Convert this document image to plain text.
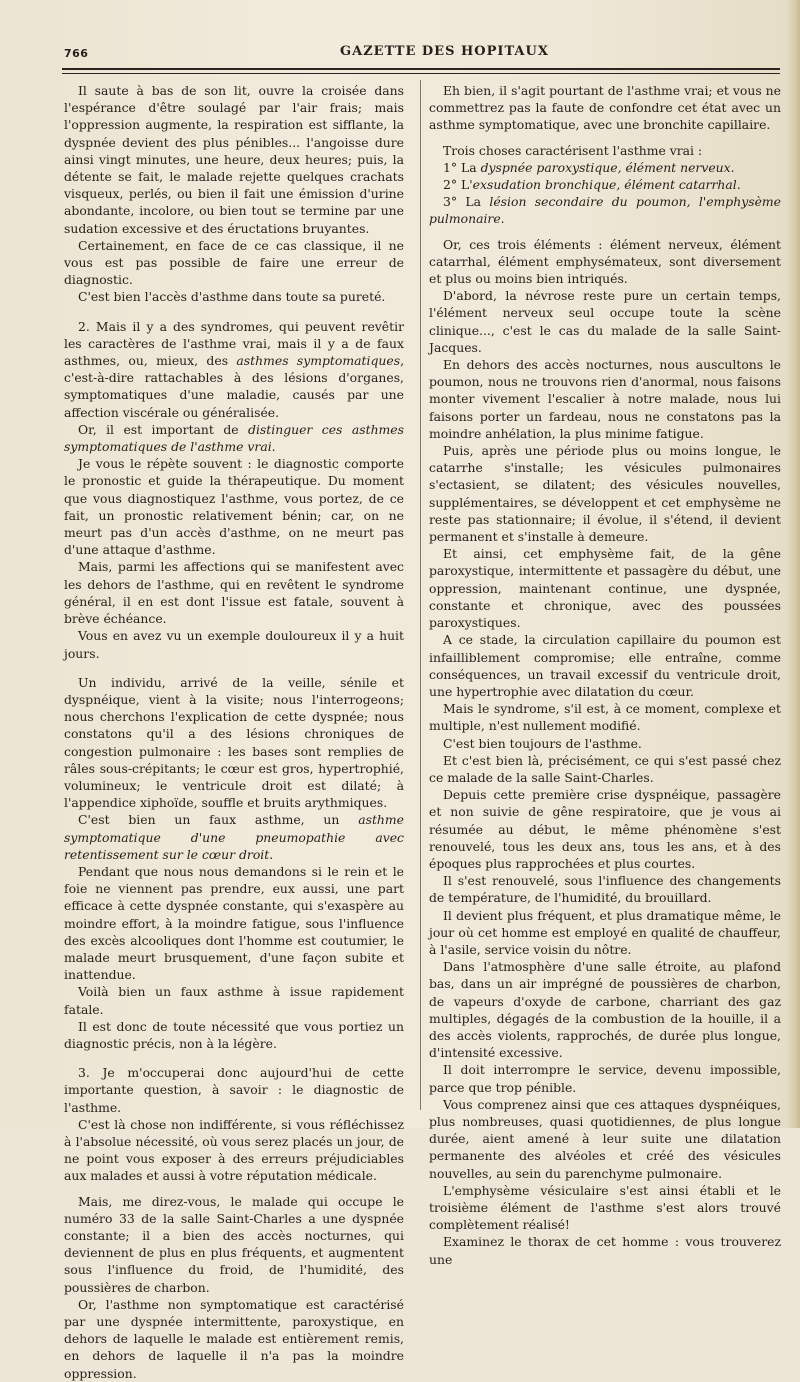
766	GAZETTE DES HOPITAUX

Il saute à bas de son lit, ouvre la croisée dans l'espérance d'être soulagé par l'air frais; mais l'oppression augmente, la respiration est sifflante, la dyspnée devient des plus pénibles... l'angoisse dure ainsi vingt minutes, une heure, deux heures; puis, la détente se fait, le malade rejette quelques crachats visqueux, perlés, ou bien il fait une émission d'urine abondante, incolore, ou bien tout se termine par une sudation excessive et des éructations bruyantes.

Certainement, en face de ce cas classique, il ne vous est pas possible de faire une erreur de diagnostic.

C'est bien l'accès d'asthme dans toute sa pureté.

2. Mais il y a des syndromes, qui peuvent revêtir les caractères de l'asthme vrai, mais il y a de faux asthmes, ou, mieux, des asthmes symptomatiques, c'est-à-dire rattachables à des lésions d'organes, symptomatiques d'une maladie, causés par une affection viscérale ou généralisée.

Or, il est important de distinguer ces asthmes symptomatiques de l'asthme vrai.

Je vous le répète souvent : le diagnostic comporte le pronostic et guide la thérapeutique. Du moment que vous diagnostiquez l'asthme, vous portez, de ce fait, un pronostic relativement bénin; car, on ne meurt pas d'un accès d'asthme, on ne meurt pas d'une attaque d'asthme.

Mais, parmi les affections qui se manifestent avec les dehors de l'asthme, qui en revêtent le syndrome général, il en est dont l'issue est fatale, souvent à brève échéance.

Vous en avez vu un exemple douloureux il y a huit jours.

Un individu, arrivé de la veille, sénile et dyspnéique, vient à la visite; nous l'interrogeons; nous cherchons l'explication de cette dyspnée; nous constatons qu'il a des lésions chroniques de congestion pulmonaire : les bases sont remplies de râles sous-crépitants; le cœur est gros, hypertrophié, volumineux; le ventricule droit est dilaté; à l'appendice xiphoïde, souffle et bruits arythmiques.

C'est bien un faux asthme, un asthme symptomatique d'une pneumopathie avec retentissement sur le cœur droit.

Pendant que nous nous demandons si le rein et le foie ne viennent pas prendre, eux aussi, une part efficace à cette dyspnée constante, qui s'exaspère au moindre effort, à la moindre fatigue, sous l'influence des excès alcooliques dont l'homme est coutumier, le malade meurt brusquement, d'une façon subite et inattendue.

Voilà bien un faux asthme à issue rapidement fatale.

Il est donc de toute nécessité que vous portiez un diagnostic précis, non à la légère.

3. Je m'occuperai donc aujourd'hui de cette importante question, à savoir : le diagnostic de l'asthme.

C'est là chose non indifférente, si vous réfléchissez à l'absolue nécessité, où vous serez placés un jour, de ne point vous exposer à des erreurs préjudiciables aux malades et aussi à votre réputation médicale.

Mais, me direz-vous, le malade qui occupe le numéro 33 de la salle Saint-Charles a une dyspnée constante; il a bien des accès nocturnes, qui deviennent de plus en plus fréquents, et augmentent sous l'influence du froid, de l'humidité, des poussières de charbon.

Or, l'asthme non symptomatique est caractérisé par une dyspnée intermittente, paroxystique, en dehors de laquelle le malade est entièrement remis, en dehors de laquelle il n'a pas la moindre oppression.

Eh bien, il s'agit pourtant de l'asthme vrai; et vous ne commettrez pas la faute de confondre cet état avec un asthme symptomatique, avec une bronchite capillaire.

Trois choses caractérisent l'asthme vrai :

1° La dyspnée paroxystique, élément nerveux.

2° L'exsudation bronchique, élément catarrhal.

3° La lésion secondaire du poumon, l'emphysème pulmonaire.

Or, ces trois éléments : élément nerveux, élément catarrhal, élément emphysémateux, sont diversement et plus ou moins bien intriqués.

D'abord, la névrose reste pure un certain temps, l'élément nerveux seul occupe toute la scène clinique..., c'est le cas du malade de la salle Saint-Jacques.

En dehors des accès nocturnes, nous auscultons le poumon, nous ne trouvons rien d'anormal, nous faisons monter vivement l'escalier à notre malade, nous lui faisons porter un fardeau, nous ne constatons pas la moindre anhélation, la plus minime fatigue.

Puis, après une période plus ou moins longue, le catarrhe s'installe; les vésicules pulmonaires s'ectasient, se dilatent; des vésicules nouvelles, supplémentaires, se développent et cet emphysème ne reste pas stationnaire; il évolue, il s'étend, il devient permanent et s'installe à demeure.

Et ainsi, cet emphysème fait, de la gêne paroxystique, intermittente et passagère du début, une oppression, maintenant continue, une dyspnée, constante et chronique, avec des poussées paroxystiques.

A ce stade, la circulation capillaire du poumon est infailliblement compromise; elle entraîne, comme conséquences, un travail excessif du ventricule droit, une hypertrophie avec dilatation du cœur.

Mais le syndrome, s'il est, à ce moment, complexe et multiple, n'est nullement modifié.

C'est bien toujours de l'asthme.

Et c'est bien là, précisément, ce qui s'est passé chez ce malade de la salle Saint-Charles.

Depuis cette première crise dyspnéique, passagère et non suivie de gêne respiratoire, que je vous ai résumée au début, le même phénomène s'est renouvelé, tous les deux ans, tous les ans, et à des époques plus rapprochées et plus courtes.

Il s'est renouvelé, sous l'influence des changements de température, de l'humidité, du brouillard.

Il devient plus fréquent, et plus dramatique même, le jour où cet homme est employé en qualité de chauffeur, à l'asile, service voisin du nôtre.

Dans l'atmosphère d'une salle étroite, au plafond bas, dans un air imprégné de poussières de charbon, de vapeurs d'oxyde de carbone, charriant des gaz multiples, dégagés de la combustion de la houille, il a des accès violents, rapprochés, de durée plus longue, d'intensité excessive.

Il doit interrompre le service, devenu impossible, parce que trop pénible.

Vous comprenez ainsi que ces attaques dyspnéiques, plus nombreuses, quasi quotidiennes, de plus longue durée, aient amené à leur suite une dilatation permanente des alvéoles et créé des vésicules nouvelles, au sein du parenchyme pulmonaire.

L'emphysème vésiculaire s'est ainsi établi et le troisième élément de l'asthme s'est alors trouvé complètement réalisé!

Examinez le thorax de cet homme : vous trouverez une
